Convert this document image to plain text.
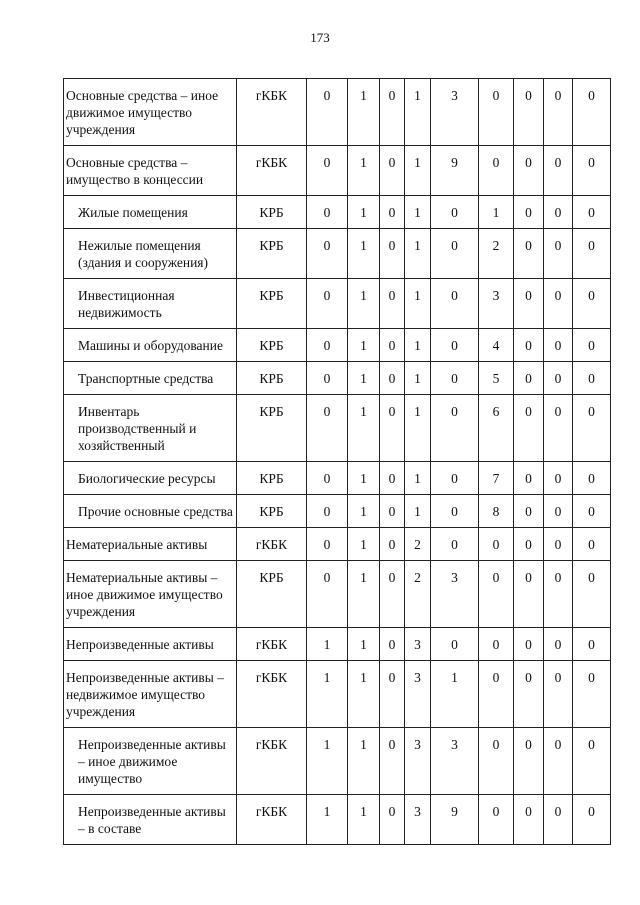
173
Основные средства – иное движимое имущество учреждения	гКБК	0	1	0	1	3	0	0	0	0
Основные средства – имущество в концессии	гКБК	0	1	0	1	9	0	0	0	0
Жилые помещения	КРБ	0	1	0	1	0	1	0	0	0
Нежилые помещения (здания и сооружения)	КРБ	0	1	0	1	0	2	0	0	0
Инвестиционная недвижимость	КРБ	0	1	0	1	0	3	0	0	0
Машины и оборудование	КРБ	0	1	0	1	0	4	0	0	0
Транспортные средства	КРБ	0	1	0	1	0	5	0	0	0
Инвентарь производственный и хозяйственный	КРБ	0	1	0	1	0	6	0	0	0
Биологические ресурсы	КРБ	0	1	0	1	0	7	0	0	0
Прочие основные средства	КРБ	0	1	0	1	0	8	0	0	0
Нематериальные активы	гКБК	0	1	0	2	0	0	0	0	0
Нематериальные активы – иное движимое имущество учреждения	КРБ	0	1	0	2	3	0	0	0	0
Непроизведенные активы	гКБК	1	1	0	3	0	0	0	0	0
Непроизведенные активы – недвижимое имущество учреждения	гКБК	1	1	0	3	1	0	0	0	0
Непроизведенные активы – иное движимое имущество	гКБК	1	1	0	3	3	0	0	0	0
Непроизведенные активы – в составе	гКБК	1	1	0	3	9	0	0	0	0
